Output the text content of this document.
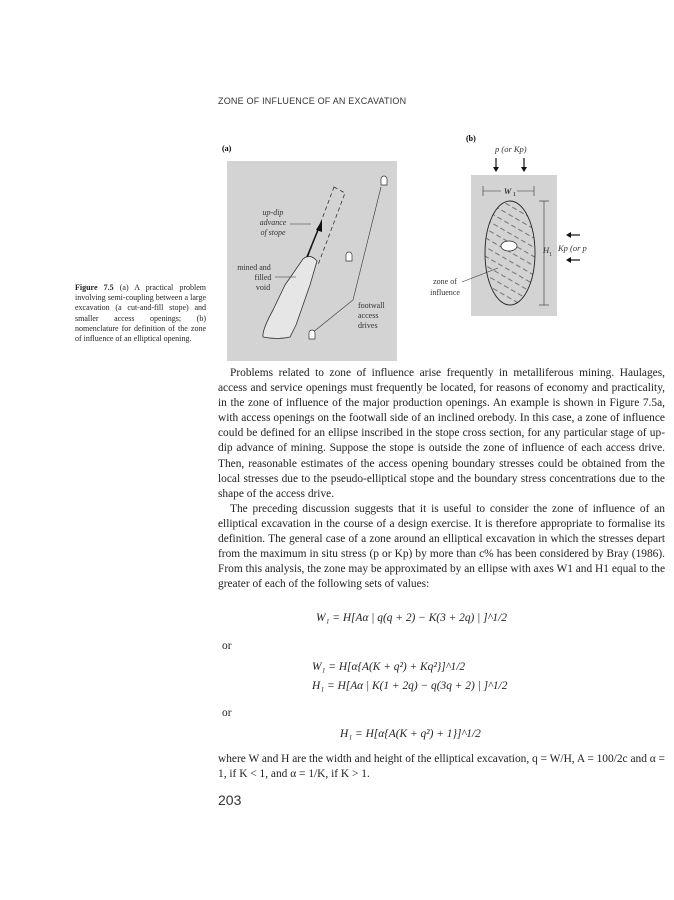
ZONE OF INFLUENCE OF AN EXCAVATION
Figure 7.5 (a) A practical problem involving semi-coupling between a large excavation (a cut-and-fill stope) and smaller access openings; (b) nomenclature for definition of the zone of influence of an elliptical opening.
(a)
up-dip
advance
of stope
mined and
filled
void
footwall
access
drives
(b)
p (or Kp)
W 1
H 1
Kp (or p
zone of
influence

Problems related to zone of influence arise frequently in metalliferous mining. Haulages, access and service openings must frequently be located, for reasons of economy and practicality, in the zone of influence of the major production openings. An example is shown in Figure 7.5a, with access openings on the footwall side of an inclined orebody. In this case, a zone of influence could be defined for an ellipse inscribed in the stope cross section, for any particular stage of up-dip advance of mining. Suppose the stope is outside the zone of influence of each access drive. Then, reasonable estimates of the access opening boundary stresses could be obtained from the local stresses due to the pseudo-elliptical stope and the boundary stress concentrations due to the shape of the access drive.

The preceding discussion suggests that it is useful to consider the zone of influence of an elliptical excavation in the course of a design exercise. It is therefore appropriate to formalise its definition. The general case of a zone around an elliptical excavation in which the stresses depart from the maximum in situ stress (p or Kp) by more than c% has been considered by Bray (1986). From this analysis, the zone may be approximated by an ellipse with axes W1 and H1 equal to the greater of each of the following sets of values:

W₁ = H[Aα | q(q + 2) − K(3 + 2q) | ]^1/2
or
W₁ = H[α{A(K + q²) + Kq²}]^1/2
H₁ = H[Aα | K(1 + 2q) − q(3q + 2) | ]^1/2
or
H₁ = H[α{A(K + q²) + 1}]^1/2
where W and H are the width and height of the elliptical excavation, q = W/H, A = 100/2c and α = 1, if K < 1, and α = 1/K, if K > 1.
203
